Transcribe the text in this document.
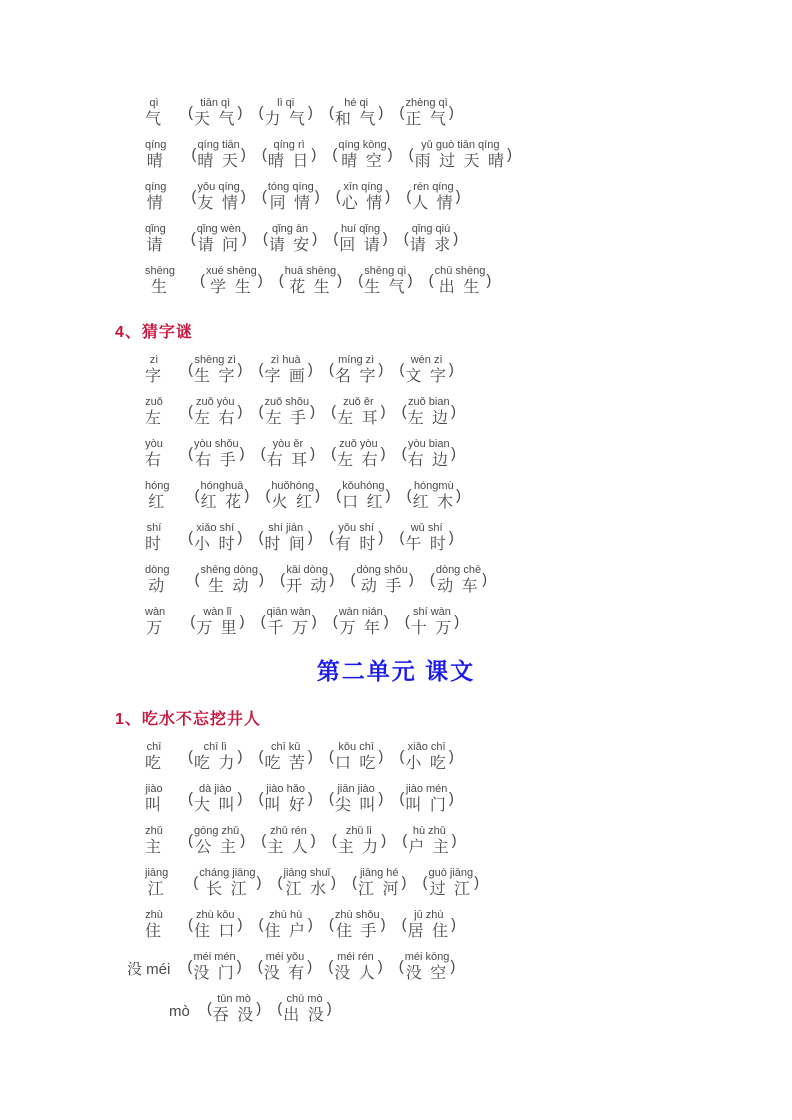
qì
气 (
tiān qì
天 气 ) (
lì qi
力 气 ) (
hé qi
和 气 ) (
zhèng qì
正 气 )
qíng
晴 (
qíng tiān
晴 天 ) (
qíng rì
晴 日 ) (
qíng kōng
晴 空 ) (
yǔ guò tiān qíng
雨 过 天 晴 )
qíng
情 (
yǒu qíng
友 情 ) (
tóng qíng
同 情 ) (
xīn qíng
心 情 ) (
rén qíng
人 情 )
qǐng
请 (
qǐng wèn
请 问 ) (
qǐng ān
请 安 ) (
huí qǐng
回 请 ) (
qǐng qiú
请 求 )
shēng
生 (
xué shēng
学 生 ) (
huā shēng
花 生 ) (
shēng qì
生 气 ) (
chū shēng
出 生 )
4、猜字谜
zì
字 (
shēng zì
生 字 ) (
zì huà
字 画 ) (
míng zì
名 字 ) (
wén zì
文 字 )
zuǒ
左 (
zuǒ yòu
左 右 ) (
zuǒ shǒu
左 手 ) (
zuǒ ěr
左 耳 ) (
zuǒ bian
左 边 )
yòu
右 (
yòu shǒu
右 手 ) (
yòu ěr
右 耳 ) (
zuǒ yòu
左 右 ) (
yòu bian
右 边 )
hóng
红 (
hónghuā
红 花 ) (
huǒhóng
火 红 ) (
kǒuhóng
口 红 ) (
hóngmù
红 木 )
shí
时 (
xiǎo shí
小 时 ) (
shí jiān
时 间 ) (
yǒu shí
有 时 ) (
wǔ shí
午 时 )
dòng
动 (
shēng dòng
生 动 ) (
kāi dòng
开 动 ) (
dòng shǒu
动 手 ) (
dòng chē
动 车 )
wàn
万 (
wàn lǐ
万 里 ) (
qiān wàn
千 万 ) (
wàn nián
万 年 ) (
shí wàn
十 万 )
第二单元 课文
1、吃水不忘挖井人
chī
吃 (
chī lì
吃 力 ) (
chī kǔ
吃 苦 ) (
kǒu chī
口 吃 ) (
xiǎo chī
小 吃 )
jiào
叫 (
dà jiào
大 叫 ) (
jiào hǎo
叫 好 ) (
jiān jiào
尖 叫 ) (
jiào mén
叫 门 )
zhǔ
主 (
gōng zhǔ
公 主 ) (
zhǔ rén
主 人 ) (
zhǔ lì
主 力 ) (
hù zhǔ
户 主 )
jiāng
江 (
cháng jiāng
长 江 ) (
jiāng shuǐ
江 水 ) (
jiāng hé
江 河 ) (
guò jiāng
过 江 )
zhù
住 (
zhù kǒu
住 口 ) (
zhù hù
住 户 ) (
zhù shǒu
住 手 ) (
jū zhù
居 住 )
没 méi (
méi mén
没 门 ) (
méi yǒu
没 有 ) (
méi rén
没 人 ) (
méi kōng
没 空 )
mò (
tūn mò
吞 没 ) (
chū mò
出 没 )
